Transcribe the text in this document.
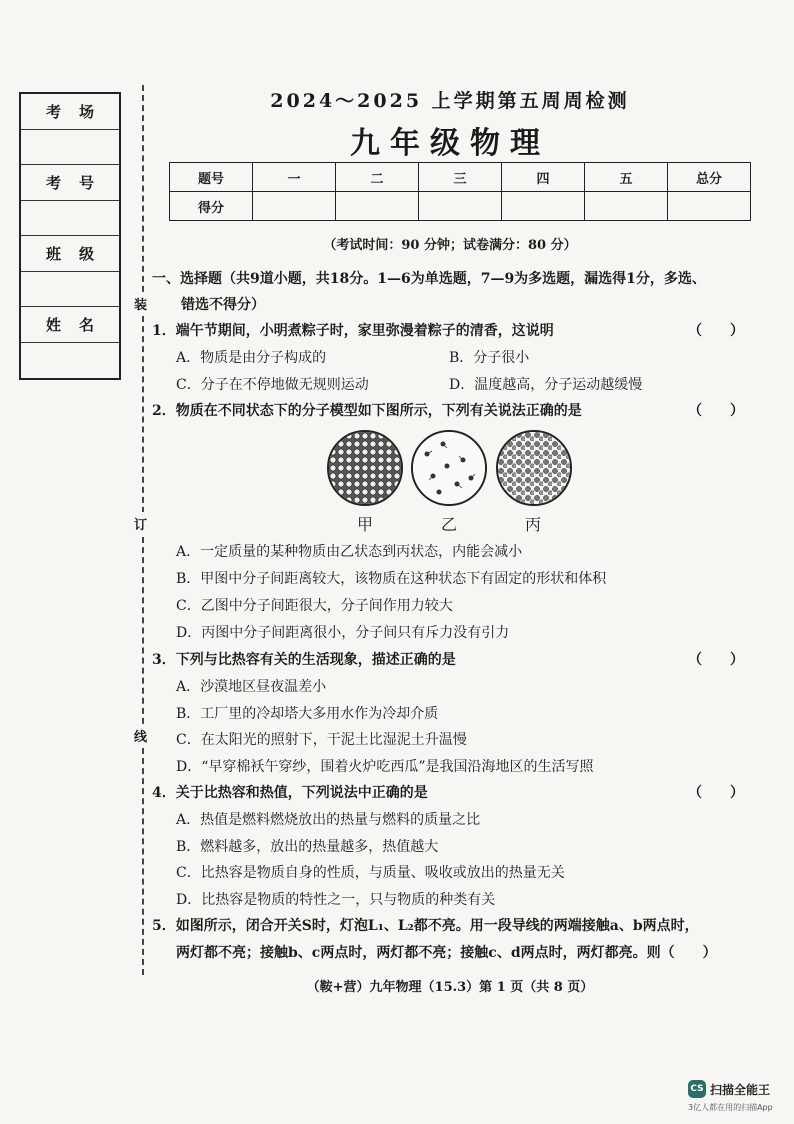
考场
考号
班级
姓名
装
订
线
2024～2025 上学期第五周周检测
九年级物理
题号	一	二	三	四	五	总分
得分						
（考试时间：90 分钟；试卷满分：80 分）
一、选择题（共9道小题，共18分。1—6为单选题，7—9为多选题，漏选得1分，多选、
错选不得分）
1．端午节期间，小明煮粽子时，家里弥漫着粽子的清香，这说明	（　　）
A．物质是由分子构成的	B．分子很小
C．分子在不停地做无规则运动	D．温度越高，分子运动越缓慢
2．物质在不同状态下的分子模型如下图所示，下列有关说法正确的是	（　　）
甲	乙	丙
A．一定质量的某种物质由乙状态到丙状态，内能会减小
B．甲图中分子间距离较大，该物质在这种状态下有固定的形状和体积
C．乙图中分子间距很大，分子间作用力较大
D．丙图中分子间距离很小，分子间只有斥力没有引力
3．下列与比热容有关的生活现象，描述正确的是	（　　）
A．沙漠地区昼夜温差小
B．工厂里的冷却塔大多用水作为冷却介质
C．在太阳光的照射下，干泥土比湿泥土升温慢
D．“早穿棉袄午穿纱，围着火炉吃西瓜”是我国沿海地区的生活写照
4．关于比热容和热值，下列说法中正确的是	（　　）
A．热值是燃料燃烧放出的热量与燃料的质量之比
B．燃料越多，放出的热量越多，热值越大
C．比热容是物质自身的性质，与质量、吸收或放出的热量无关
D．比热容是物质的特性之一，只与物质的种类有关
5．如图所示，闭合开关S时，灯泡L₁、L₂都不亮。用一段导线的两端接触a、b两点时，
两灯都不亮；接触b、c两点时，两灯都不亮；接触c、d两点时，两灯都亮。则（　　）
（鞍+营）九年物理（15.3）第 1 页（共 8 页）
CS 扫描全能王
3亿人都在用的扫描App
